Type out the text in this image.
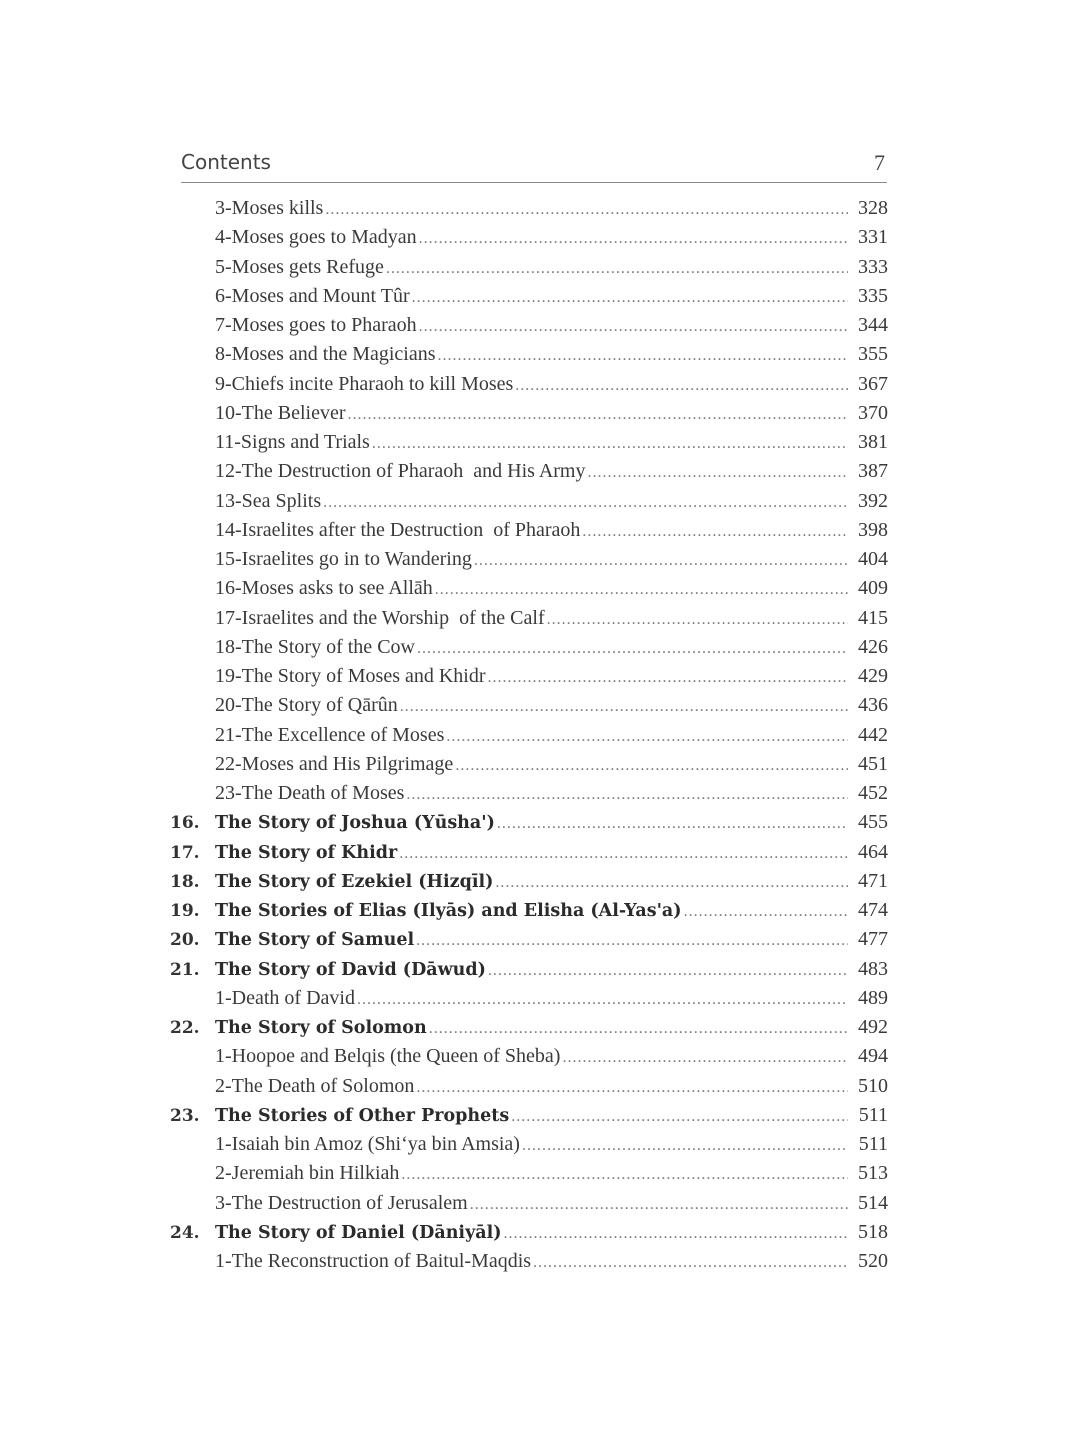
Contents	7
3-Moses kills .....	328
4-Moses goes to Madyan .....	331
5-Moses gets Refuge .....	333
6-Moses and Mount Tûr .....	335
7-Moses goes to Pharaoh .....	344
8-Moses and the Magicians .....	355
9-Chiefs incite Pharaoh to kill Moses .....	367
10-The Believer .....	370
11-Signs and Trials .....	381
12-The Destruction of Pharaoh  and His Army .....	387
13-Sea Splits .....	392
14-Israelites after the Destruction  of Pharaoh .....	398
15-Israelites go in to Wandering .....	404
16-Moses asks to see Allāh .....	409
17-Israelites and the Worship  of the Calf .....	415
18-The Story of the Cow .....	426
19-The Story of Moses and Khidr .....	429
20-The Story of Qārûn .....	436
21-The Excellence of Moses .....	442
22-Moses and His Pilgrimage .....	451
23-The Death of Moses .....	452
16. The Story of Joshua (Yūsha') .....	455
17. The Story of Khidr .....	464
18. The Story of Ezekiel (Hizqīl) .....	471
19. The Stories of Elias (Ilyās) and Elisha (Al-Yas'a) .....	474
20. The Story of Samuel .....	477
21. The Story of David (Dāwud) .....	483
1-Death of David .....	489
22. The Story of Solomon .....	492
1-Hoopoe and Belqis (the Queen of Sheba) .....	494
2-The Death of Solomon .....	510
23. The Stories of Other Prophets .....	511
1-Isaiah bin Amoz (Shi‘ya bin Amsia) .....	511
2-Jeremiah bin Hilkiah .....	513
3-The Destruction of Jerusalem .....	514
24. The Story of Daniel (Dāniyāl) .....	518
1-The Reconstruction of Baitul-Maqdis .....	520
